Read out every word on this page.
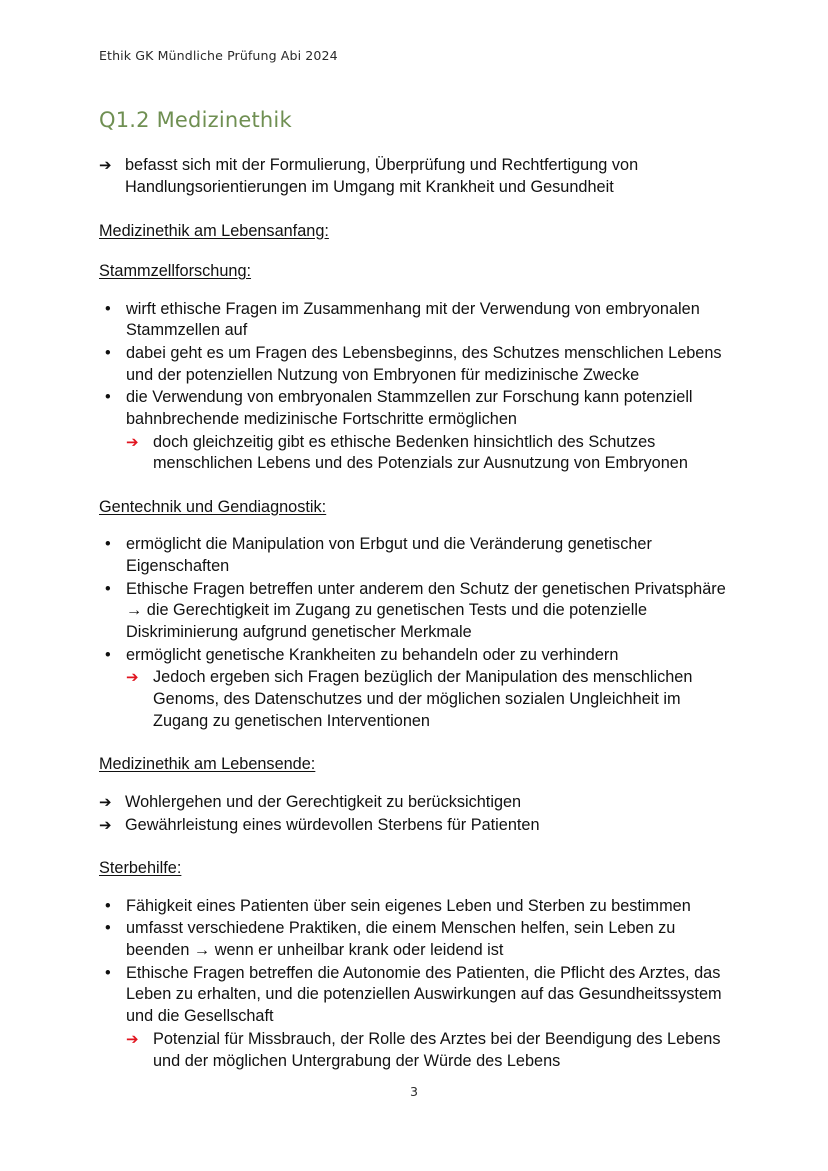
Ethik GK Mündliche Prüfung Abi 2024
Q1.2 Medizinethik
➔ befasst sich mit der Formulierung, Überprüfung und Rechtfertigung von Handlungsorientierungen im Umgang mit Krankheit und Gesundheit
Medizinethik am Lebensanfang:
Stammzellforschung:
• wirft ethische Fragen im Zusammenhang mit der Verwendung von embryonalen Stammzellen auf
• dabei geht es um Fragen des Lebensbeginns, des Schutzes menschlichen Lebens und der potenziellen Nutzung von Embryonen für medizinische Zwecke
• die Verwendung von embryonalen Stammzellen zur Forschung kann potenziell bahnbrechende medizinische Fortschritte ermöglichen
➔ doch gleichzeitig gibt es ethische Bedenken hinsichtlich des Schutzes menschlichen Lebens und des Potenzials zur Ausnutzung von Embryonen
Gentechnik und Gendiagnostik:
• ermöglicht die Manipulation von Erbgut und die Veränderung genetischer Eigenschaften
• Ethische Fragen betreffen unter anderem den Schutz der genetischen Privatsphäre → die Gerechtigkeit im Zugang zu genetischen Tests und die potenzielle Diskriminierung aufgrund genetischer Merkmale
• ermöglicht genetische Krankheiten zu behandeln oder zu verhindern
➔ Jedoch ergeben sich Fragen bezüglich der Manipulation des menschlichen Genoms, des Datenschutzes und der möglichen sozialen Ungleichheit im Zugang zu genetischen Interventionen
Medizinethik am Lebensende:
➔ Wohlergehen und der Gerechtigkeit zu berücksichtigen
➔ Gewährleistung eines würdevollen Sterbens für Patienten
Sterbehilfe:
• Fähigkeit eines Patienten über sein eigenes Leben und Sterben zu bestimmen
• umfasst verschiedene Praktiken, die einem Menschen helfen, sein Leben zu beenden → wenn er unheilbar krank oder leidend ist
• Ethische Fragen betreffen die Autonomie des Patienten, die Pflicht des Arztes, das Leben zu erhalten, und die potenziellen Auswirkungen auf das Gesundheitssystem und die Gesellschaft
➔ Potenzial für Missbrauch, der Rolle des Arztes bei der Beendigung des Lebens und der möglichen Untergrabung der Würde des Lebens
3
